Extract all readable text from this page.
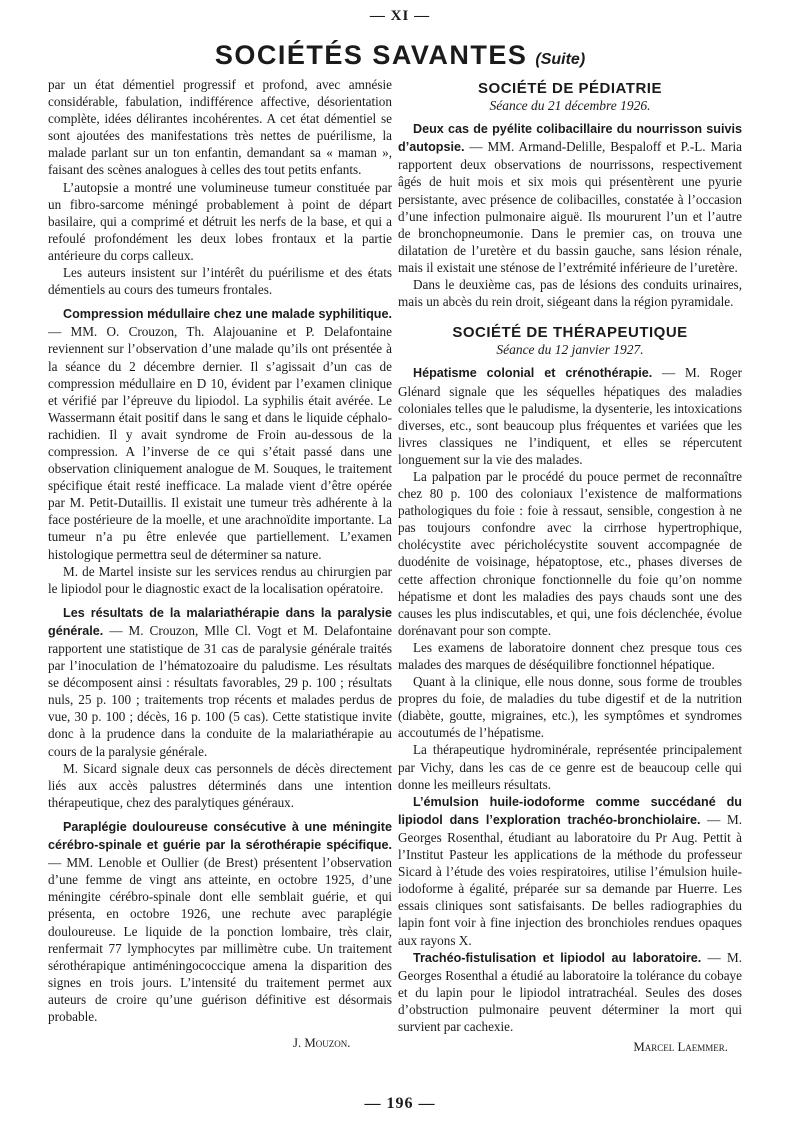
— XI —
SOCIÉTÉS SAVANTES (Suite)

par un état démentiel progressif et profond, avec amnésie considérable, fabulation, indifférence affective, désorientation complète, idées délirantes incohérentes. A cet état démentiel se sont ajoutées des manifestations très nettes de puérilisme, la malade parlant sur un ton enfantin, demandant sa « maman », faisant des scènes analogues à celles des tout petits enfants.

L’autopsie a montré une volumineuse tumeur constituée par un fibro-sarcome méningé probablement à point de départ basilaire, qui a comprimé et détruit les nerfs de la base, et qui a refoulé profondément les deux lobes frontaux et la partie antérieure du corps calleux.

Les auteurs insistent sur l’intérêt du puérilisme et des états démentiels au cours des tumeurs frontales.

Compression médullaire chez une malade syphilitique. — MM. O. Crouzon, Th. Alajouanine et P. Delafontaine reviennent sur l’observation d’une malade qu’ils ont présentée à la séance du 2 décembre dernier. Il s’agissait d’un cas de compression médullaire en D 10, évident par l’examen clinique et vérifié par l’épreuve du lipiodol. La syphilis était avérée. Le Wassermann était positif dans le sang et dans le liquide céphalo-rachidien. Il y avait syndrome de Froin au-dessous de la compression. A l’inverse de ce qui s’était passé dans une observation cliniquement analogue de M. Souques, le traitement spécifique était resté inefficace. La malade vient d’être opérée par M. Petit-Dutaillis. Il existait une tumeur très adhérente à la face postérieure de la moelle, et une arachnoïdite importante. La tumeur n’a pu être enlevée que partiellement. L’examen histologique permettra seul de déterminer sa nature.

M. de Martel insiste sur les services rendus au chirurgien par le lipiodol pour le diagnostic exact de la localisation opératoire.

Les résultats de la malariathérapie dans la paralysie générale. — M. Crouzon, Mlle Cl. Vogt et M. Delafontaine rapportent une statistique de 31 cas de paralysie générale traités par l’inoculation de l’hématozoaire du paludisme. Les résultats se décomposent ainsi : résultats favorables, 29 p. 100 ; résultats nuls, 25 p. 100 ; traitements trop récents et malades perdus de vue, 30 p. 100 ; décès, 16 p. 100 (5 cas). Cette statistique invite donc à la prudence dans la conduite de la malariathérapie au cours de la paralysie générale.

M. Sicard signale deux cas personnels de décès directement liés aux accès palustres déterminés dans une intention thérapeutique, chez des paralytiques généraux.

Paraplégie douloureuse consécutive à une méningite cérébro-spinale et guérie par la sérothérapie spécifique. — MM. Lenoble et Oullier (de Brest) présentent l’observation d’une femme de vingt ans atteinte, en octobre 1925, d’une méningite cérébro-spinale dont elle semblait guérie, et qui présenta, en octobre 1926, une rechute avec paraplégie douloureuse. Le liquide de la ponction lombaire, très clair, renfermait 77 lymphocytes par millimètre cube. Un traitement sérothérapique antiméningococcique amena la disparition des signes en trois jours. L’intensité du traitement permet aux auteurs de croire qu’une guérison définitive est désormais probable.

J. Mouzon.
SOCIÉTÉ DE PÉDIATRIE
Séance du 21 décembre 1926.

Deux cas de pyélite colibacillaire du nourrisson suivis d’autopsie. — MM. Armand-Delille, Bespaloff et P.-L. Maria rapportent deux observations de nourrissons, respectivement âgés de huit mois et six mois qui présentèrent une pyurie persistante, avec présence de colibacilles, constatée à l’occasion d’une infection pulmonaire aiguë. Ils moururent l’un et l’autre de bronchopneumonie. Dans le premier cas, on trouva une dilatation de l’uretère et du bassin gauche, sans lésion rénale, mais il existait une sténose de l’extrémité inférieure de l’uretère.

Dans le deuxième cas, pas de lésions des conduits urinaires, mais un abcès du rein droit, siégeant dans la région pyramidale.

SOCIÉTÉ DE THÉRAPEUTIQUE
Séance du 12 janvier 1927.

Hépatisme colonial et crénothérapie. — M. Roger Glénard signale que les séquelles hépatiques des maladies coloniales telles que le paludisme, la dysenterie, les intoxications diverses, etc., sont beaucoup plus fréquentes et variées que les livres classiques ne l’indiquent, et elles se répercutent longuement sur la vie des malades.

La palpation par le procédé du pouce permet de reconnaître chez 80 p. 100 des coloniaux l’existence de malformations pathologiques du foie : foie à ressaut, sensible, congestion à ne pas toujours confondre avec la cirrhose hypertrophique, cholécystite avec péricholécystite souvent accompagnée de duodénite de voisinage, hépatoptose, etc., phases diverses de cette affection chronique fonctionnelle du foie qu’on nomme hépatisme et dont les maladies des pays chauds sont une des causes les plus indiscutables, et qui, une fois déclenchée, évolue dorénavant pour son compte.

Les examens de laboratoire donnent chez presque tous ces malades des marques de déséquilibre fonctionnel hépatique.

Quant à la clinique, elle nous donne, sous forme de troubles propres du foie, de maladies du tube digestif et de la nutrition (diabète, goutte, migraines, etc.), les symptômes et syndromes accoutumés de l’hépatisme.

La thérapeutique hydrominérale, représentée principalement par Vichy, dans les cas de ce genre est de beaucoup celle qui donne les meilleurs résultats.

L’émulsion huile-iodoforme comme succédané du lipiodol dans l’exploration trachéo-bronchiolaire. — M. Georges Rosenthal, étudiant au laboratoire du Pr Aug. Pettit à l’Institut Pasteur les applications de la méthode du professeur Sicard à l’étude des voies respiratoires, utilise l’émulsion huile-iodoforme à égalité, préparée sur sa demande par Huerre. Les essais cliniques sont satisfaisants. De belles radiographies du lapin font voir à fine injection des bronchioles rendues opaques aux rayons X.

Trachéo-fistulisation et lipiodol au laboratoire. — M. Georges Rosenthal a étudié au laboratoire la tolérance du cobaye et du lapin pour le lipiodol intratrachéal. Seules des doses d’obstruction pulmonaire peuvent déterminer la mort qui survient par cachexie.

Marcel Laemmer.
— 196 —
